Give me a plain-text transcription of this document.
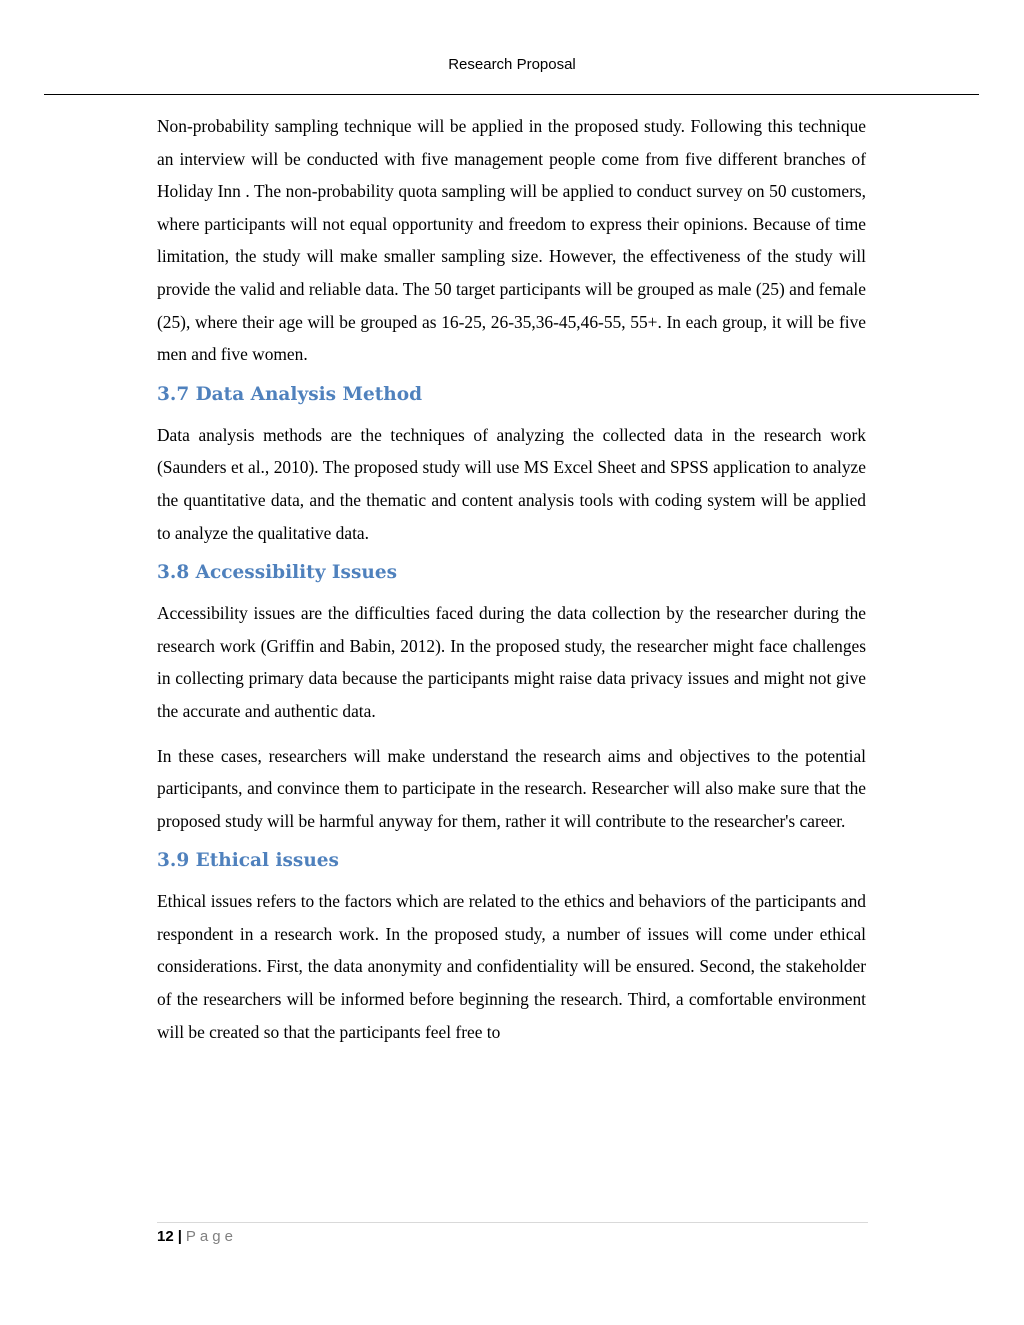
Research Proposal

Non-probability sampling technique will be applied in the proposed study. Following this technique an interview will be conducted with five management people come from five different branches of Holiday Inn . The non-probability quota sampling will be applied to conduct survey on 50 customers, where participants will not equal opportunity and freedom to express their opinions. Because of time limitation, the study will make smaller sampling size. However, the effectiveness of the study will provide the valid and reliable data. The 50 target participants will be grouped as male (25) and female (25), where their age will be grouped as 16-25, 26-35,36-45,46-55, 55+. In each group, it will be five men and five women.

3.7 Data Analysis Method

Data analysis methods are the techniques of analyzing the collected data in the research work (Saunders et al., 2010). The proposed study will use MS Excel Sheet and SPSS application to analyze the quantitative data, and the thematic and content analysis tools with coding system will be applied to analyze the qualitative data.

3.8 Accessibility Issues

Accessibility issues are the difficulties faced during the data collection by the researcher during the research work (Griffin and Babin, 2012). In the proposed study, the researcher might face challenges in collecting primary data because the participants might raise data privacy issues and might not give the accurate and authentic data.

In these cases, researchers will make understand the research aims and objectives to the potential participants, and convince them to participate in the research. Researcher will also make sure that the proposed study will be harmful anyway for them, rather it will contribute to the researcher's career.

3.9 Ethical issues

Ethical issues refers to the factors which are related to the ethics and behaviors of the participants and respondent in a research work. In the proposed study, a number of issues will come under ethical considerations. First, the data anonymity and confidentiality will be ensured. Second, the stakeholder of the researchers will be informed before beginning the research. Third, a comfortable environment will be created so that the participants feel free to

12 | Page
